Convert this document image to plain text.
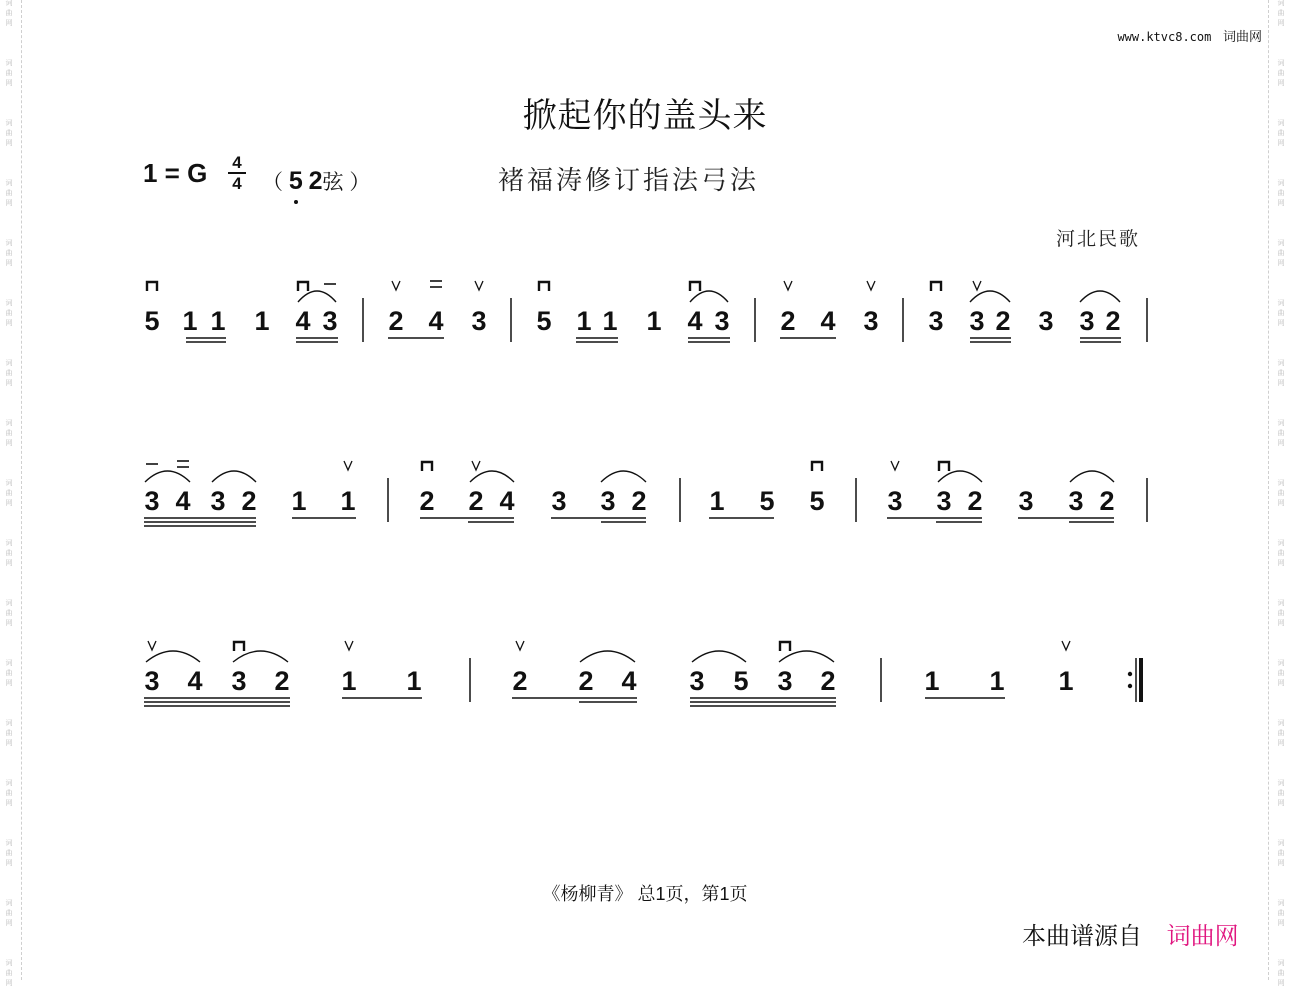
词
曲
网
词
曲
网
词
曲
网
词
曲
网
词
曲
网
词
曲
网
词
曲
网
词
曲
网
词
曲
网
词
曲
网
词
曲
网
词
曲
网
词
曲
网
词
曲
网
词
曲
网
词
曲
网
词
曲
网
词
曲
网
词
曲
网
词
曲
网
词
曲
网
词
曲
网
词
曲
网
词
曲
网
词
曲
网
词
曲
网
词
曲
网
词
曲
网
词
曲
网
词
曲
网
词
曲
网
词
曲
网
词
曲
网
词
曲
网
www.ktvc8.com 词曲网
掀起你的盖头来
1 = G	4
4 （ 5 2弦 ）	褚福涛修订指法弓法
河北民歌
5 1 1 1 4 3 2 4 3 5 1 1 1 4 3 2 4 3 3 3 2 3 3 2
3 4 3 2 1 1 2 2 4 3 3 2 1 5 5 3 3 2 3 3 2
3 4 3 2 1 1	2 2 4 3 5 3 2	1 1 1
《杨柳青》 总1页，第1页
本曲谱源自 词曲网
